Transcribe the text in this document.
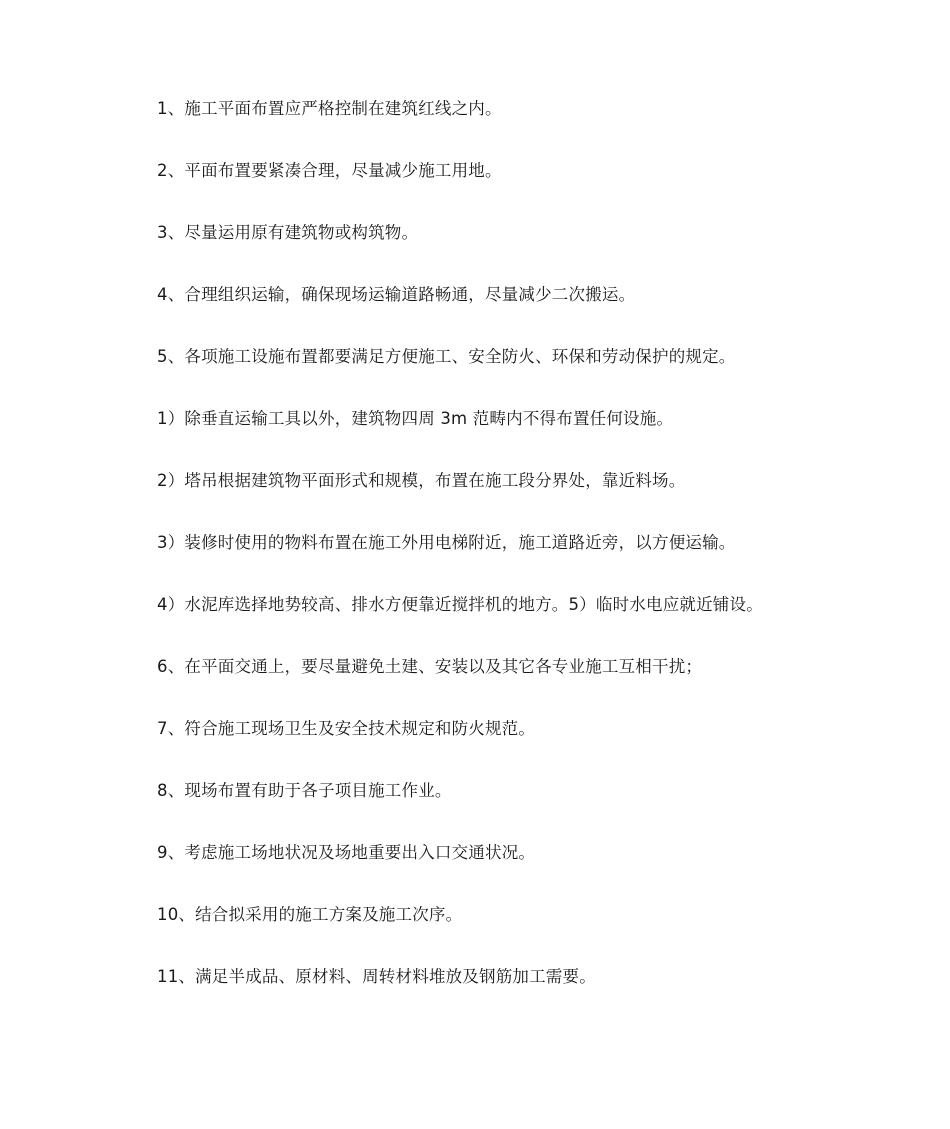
1、施工平面布置应严格控制在建筑红线之内。
2、平面布置要紧凑合理，尽量减少施工用地。
3、尽量运用原有建筑物或构筑物。
4、合理组织运输，确保现场运输道路畅通，尽量减少二次搬运。
5、各项施工设施布置都要满足方便施工、安全防火、环保和劳动保护的规定。
1）除垂直运输工具以外，建筑物四周 3m 范畴内不得布置任何设施。
2）塔吊根据建筑物平面形式和规模，布置在施工段分界处，靠近料场。
3）装修时使用的物料布置在施工外用电梯附近，施工道路近旁，以方便运输。
4）水泥库选择地势较高、排水方便靠近搅拌机的地方。5）临时水电应就近铺设。
6、在平面交通上，要尽量避免土建、安装以及其它各专业施工互相干扰；
7、符合施工现场卫生及安全技术规定和防火规范。
8、现场布置有助于各子项目施工作业。
9、考虑施工场地状况及场地重要出入口交通状况。
10、结合拟采用的施工方案及施工次序。
11、满足半成品、原材料、周转材料堆放及钢筋加工需要。
